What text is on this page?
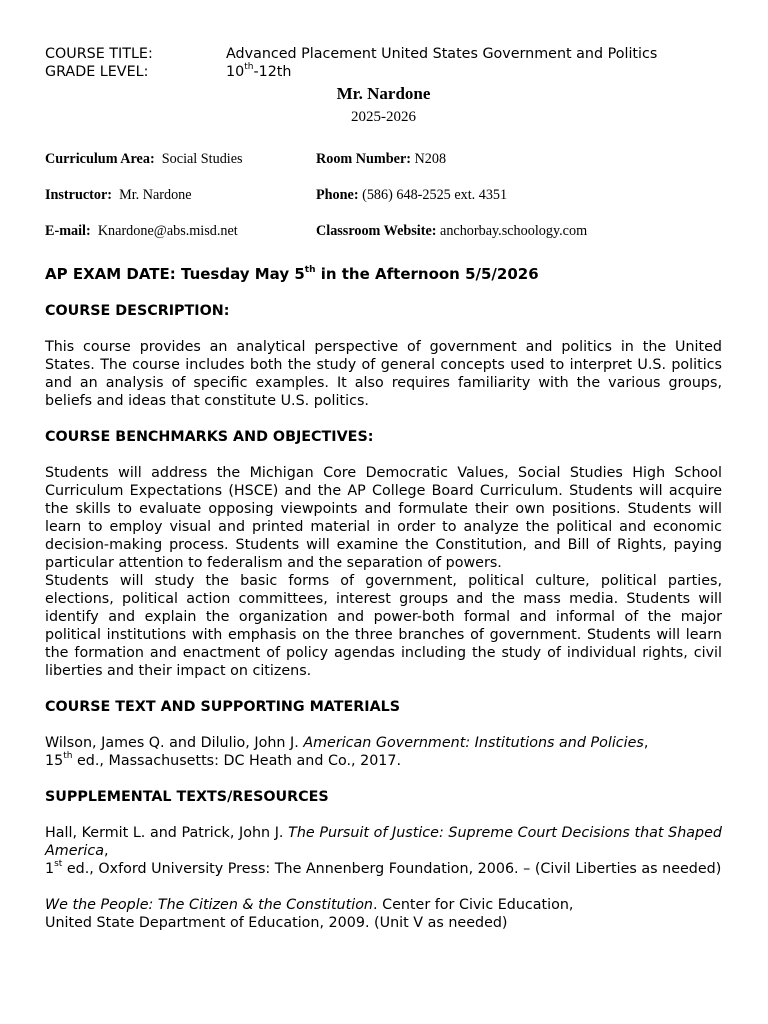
COURSE TITLE:	Advanced Placement United States Government and Politics
GRADE LEVEL:	10th-12th
Mr. Nardone
2025-2026
Curriculum Area: Social Studies	Room Number: N208
Instructor: Mr. Nardone	Phone: (586) 648-2525 ext. 4351
E-mail: Knardone@abs.misd.net	Classroom Website: anchorbay.schoology.com
AP EXAM DATE: Tuesday May 5th in the Afternoon 5/5/2026
COURSE DESCRIPTION:
This course provides an analytical perspective of government and politics in the United States. The course includes both the study of general concepts used to interpret U.S. politics and an analysis of specific examples. It also requires familiarity with the various groups, beliefs and ideas that constitute U.S. politics.
COURSE BENCHMARKS AND OBJECTIVES:
Students will address the Michigan Core Democratic Values, Social Studies High School Curriculum Expectations (HSCE) and the AP College Board Curriculum. Students will acquire the skills to evaluate opposing viewpoints and formulate their own positions. Students will learn to employ visual and printed material in order to analyze the political and economic decision-making process. Students will examine the Constitution, and Bill of Rights, paying particular attention to federalism and the separation of powers.
Students will study the basic forms of government, political culture, political parties, elections, political action committees, interest groups and the mass media. Students will identify and explain the organization and power-both formal and informal of the major political institutions with emphasis on the three branches of government. Students will learn the formation and enactment of policy agendas including the study of individual rights, civil liberties and their impact on citizens.
COURSE TEXT AND SUPPORTING MATERIALS
Wilson, James Q. and Dilulio, John J. American Government: Institutions and Policies,
15th ed., Massachusetts: DC Heath and Co., 2017.
SUPPLEMENTAL TEXTS/RESOURCES
Hall, Kermit L. and Patrick, John J. The Pursuit of Justice: Supreme Court Decisions that Shaped America,
1st ed., Oxford University Press: The Annenberg Foundation, 2006. – (Civil Liberties as needed)
We the People: The Citizen & the Constitution. Center for Civic Education,
United State Department of Education, 2009. (Unit V as needed)
